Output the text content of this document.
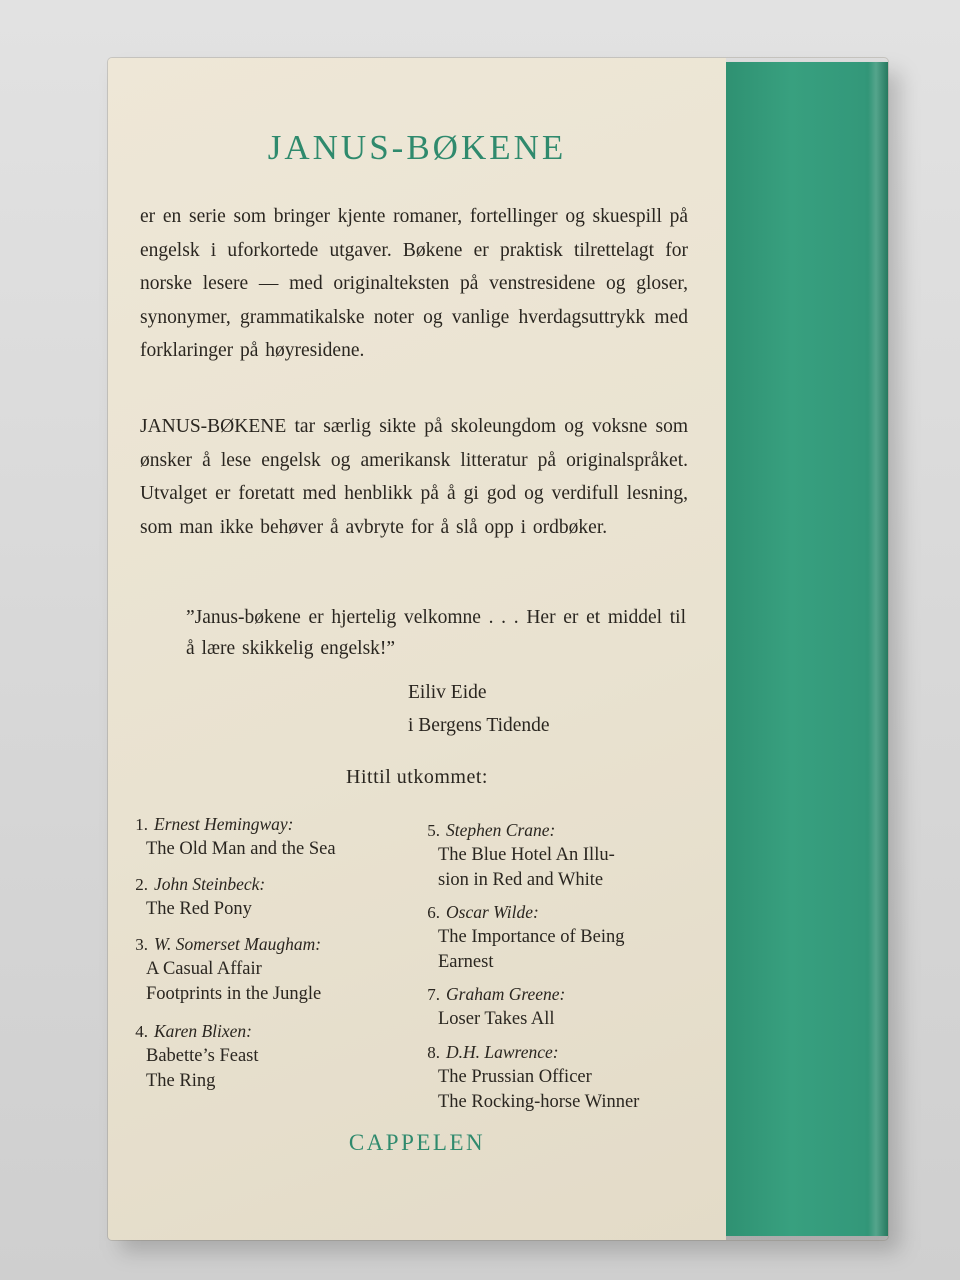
JANUS-BØKENE

er en serie som bringer kjente romaner, fortellinger og skuespill på engelsk i uforkortede utgaver. Bøkene er praktisk tilrettelagt for norske lesere — med originalteksten på venstresidene og gloser, synonymer, grammatikalske noter og vanlige hverdagsuttrykk med forklaringer på høyresidene.

JANUS-BØKENE tar særlig sikte på skoleungdom og voksne som ønsker å lese engelsk og amerikansk litteratur på originalspråket. Utvalget er foretatt med henblikk på å gi god og verdifull lesning, som man ikke behøver å avbryte for å slå opp i ordbøker.

”Janus-bøkene er hjertelig velkomne . . . Her er et middel til å lære skikkelig engelsk!”

Eiliv Eide
i Bergens Tidende
Hittil utkommet:
1. Ernest Hemingway:
The Old Man and the Sea
2. John Steinbeck:
The Red Pony
3. W. Somerset Maugham:
A Casual Affair
Footprints in the Jungle
4. Karen Blixen:
Babette’s Feast
The Ring
5. Stephen Crane:
The Blue Hotel An Illu-
sion in Red and White
6. Oscar Wilde:
The Importance of Being
Earnest
7. Graham Greene:
Loser Takes All
8. D.H. Lawrence:
The Prussian Officer
The Rocking-horse Winner
CAPPELEN
